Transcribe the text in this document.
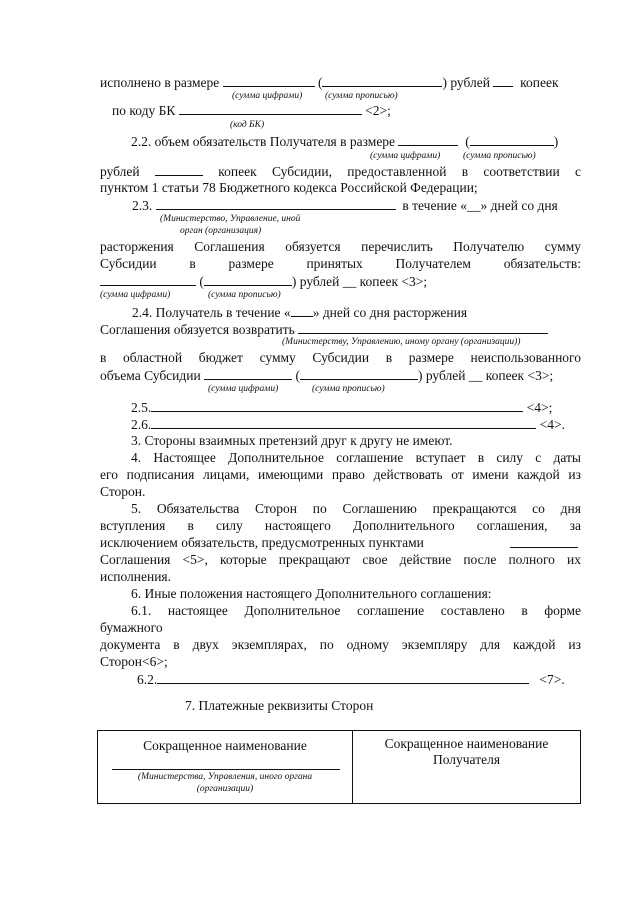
исполнено в размере	(	) рублей копеек
(сумма цифрами) (сумма прописью)
по коду БК	<2>;
(код БК)
2.2. объем обязательств Получателя в размере	(	)
(сумма цифрами) (сумма прописью)
рублей	копеек Субсидии, предоставленной в соответствии с
пунктом 1 статьи 78 Бюджетного кодекса Российской Федерации;
2.3.	в течение «__» дней со дня
(Министерство, Управление, иной
орган (организация)
расторжения Соглашения обязуется перечислить Получателю сумму
Субсидии в размере принятых Получателем обязательств:
(	) рублей __ копеек <3>;
(сумма цифрами)	(сумма прописью)
2.4. Получатель в течение « » дней со дня расторжения
Соглашения обязуется возвратить
(Министерству, Управлению, иному органу (организации))
в областной бюджет сумму Субсидии в размере неиспользованного
объема Субсидии	(	) рублей __ копеек <3>;
(сумма цифрами)	(сумма прописью)
2.5.	<4>;
2.6.	<4>.
3. Стороны взаимных претензий друг к другу не имеют.
4. Настоящее Дополнительное соглашение вступает в силу с даты
его подписания лицами, имеющими право действовать от имени каждой из
Сторон.
5. Обязательства Сторон по Соглашению прекращаются со дня
вступления в силу настоящего Дополнительного соглашения, за
исключением обязательств, предусмотренных пунктами
Соглашения <5>, которые прекращают свое действие после полного их
исполнения.
6. Иные положения настоящего Дополнительного соглашения:
6.1. настоящее Дополнительное соглашение составлено в форме
бумажного
документа в двух экземплярах, по одному экземпляру для каждой из
Сторон<6>;
6.2.	<7>.
7. Платежные реквизиты Сторон
Сокращенное наименование
(Министерства, Управления, иного органа
(организации)

Сокращенное наименование
Получателя
